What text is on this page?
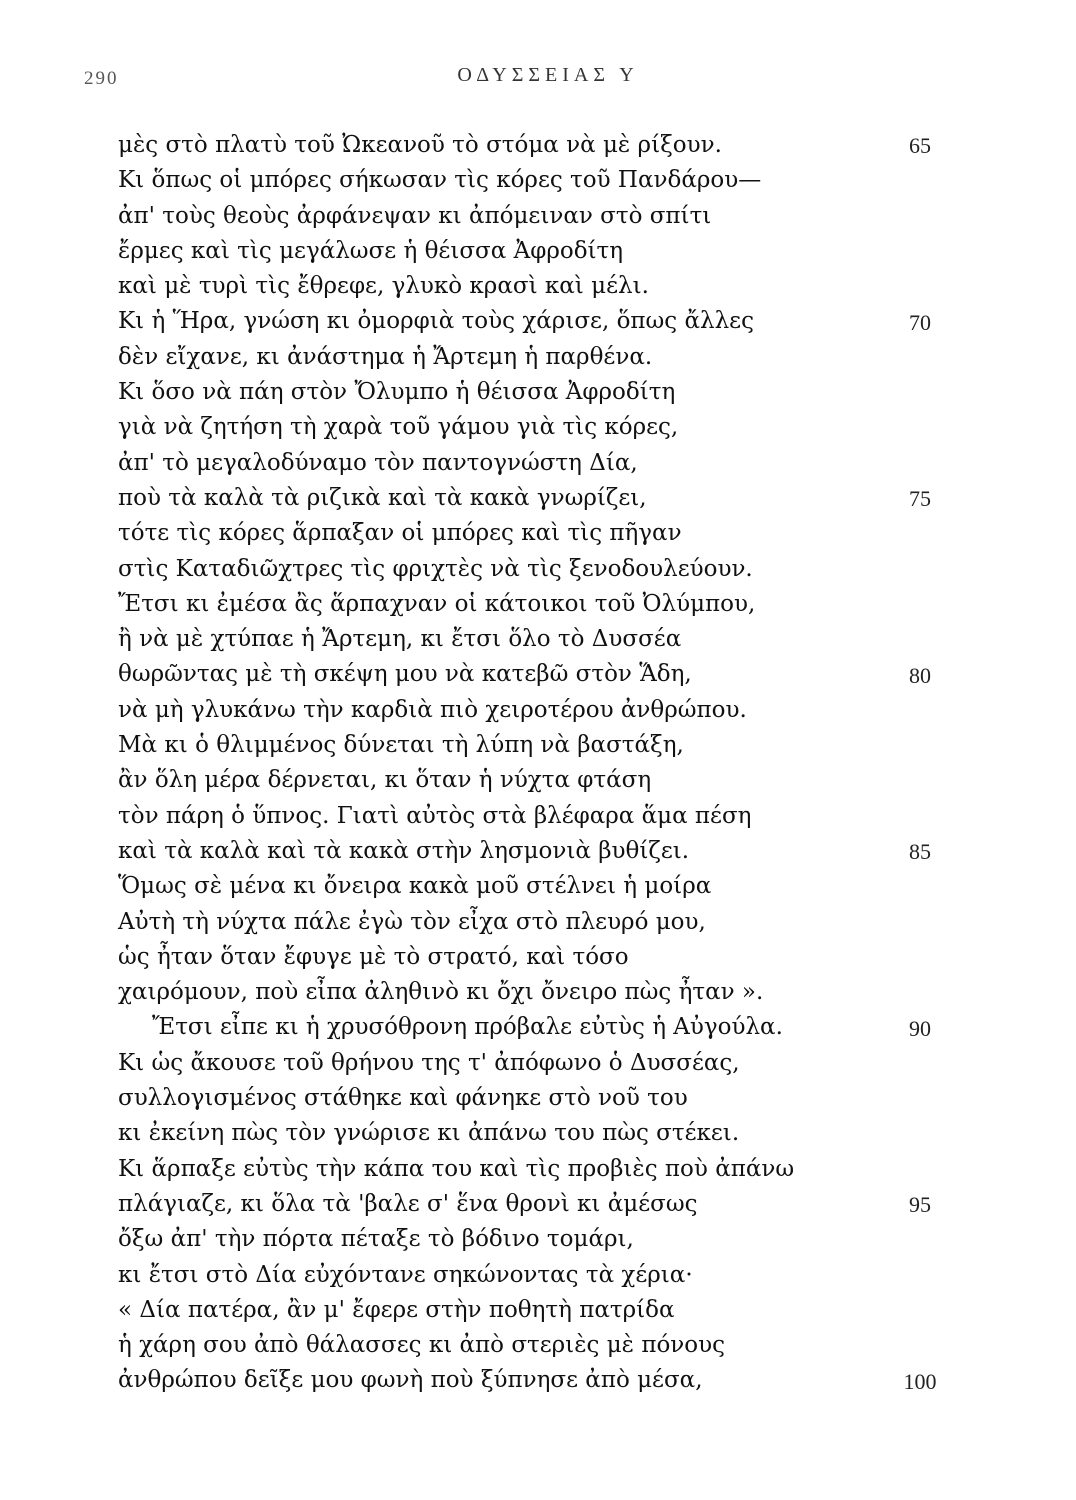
290	ΟΔΥΣΣΕΙΑΣ Υ
μὲς στὸ πλατὺ τοῦ Ὠκεανοῦ τὸ στόμα νὰ μὲ ρίξουν.
Κι ὅπως οἱ μπόρες σήκωσαν τὶς κόρες τοῦ Πανδάρου—
ἀπ' τοὺς θεοὺς ἀρφάνεψαν κι ἀπόμειναν στὸ σπίτι
ἔρμες καὶ τὶς μεγάλωσε ἡ θέισσα Ἀφροδίτη
καὶ μὲ τυρὶ τὶς ἔθρεφε, γλυκὸ κρασὶ καὶ μέλι.
Κι ἡ Ἥρα, γνώση κι ὀμορφιὰ τοὺς χάρισε, ὅπως ἄλλες
δὲν εἴχανε, κι ἀνάστημα ἡ Ἄρτεμη ἡ παρθένα.
Κι ὅσο νὰ πάη στὸν Ὄλυμπο ἡ θέισσα Ἀφροδίτη
γιὰ νὰ ζητήση τὴ χαρὰ τοῦ γάμου γιὰ τὶς κόρες,
ἀπ' τὸ μεγαλοδύναμο τὸν παντογνώστη Δία,
ποὺ τὰ καλὰ τὰ ριζικὰ καὶ τὰ κακὰ γνωρίζει,
τότε τὶς κόρες ἅρπαξαν οἱ μπόρες καὶ τὶς πῆγαν
στὶς Καταδιῶχτρες τὶς φριχτὲς νὰ τὶς ξενοδουλεύουν.
Ἔτσι κι ἐμέσα ἂς ἅρπαχναν οἱ κάτοικοι τοῦ Ὀλύμπου,
ἢ νὰ μὲ χτύπαε ἡ Ἄρτεμη, κι ἔτσι ὅλο τὸ Δυσσέα
θωρῶντας μὲ τὴ σκέψη μου νὰ κατεβῶ στὸν Ἅδη,
νὰ μὴ γλυκάνω τὴν καρδιὰ πιὸ χειροτέρου ἀνθρώπου.
Μὰ κι ὁ θλιμμένος δύνεται τὴ λύπη νὰ βαστάξη,
ἂν ὅλη μέρα δέρνεται, κι ὅταν ἡ νύχτα φτάση
τὸν πάρη ὁ ὕπνος. Γιατὶ αὐτὸς στὰ βλέφαρα ἅμα πέση
καὶ τὰ καλὰ καὶ τὰ κακὰ στὴν λησμονιὰ βυθίζει.
Ὅμως σὲ μένα κι ὄνειρα κακὰ μοῦ στέλνει ἡ μοίρα
Αὐτὴ τὴ νύχτα πάλε ἐγὼ τὸν εἶχα στὸ πλευρό μου,
ὡς ἦταν ὅταν ἔφυγε μὲ τὸ στρατό, καὶ τόσο
χαιρόμουν, ποὺ εἶπα ἀληθινὸ κι ὄχι ὄνειρο πὼς ἦταν ».
Ἔτσι εἶπε κι ἡ χρυσόθρονη πρόβαλε εὐτὺς ἡ Αὐγούλα.
Κι ὡς ἄκουσε τοῦ θρήνου της τ' ἀπόφωνο ὁ Δυσσέας,
συλλογισμένος στάθηκε καὶ φάνηκε στὸ νοῦ του
κι ἐκείνη πὼς τὸν γνώρισε κι ἀπάνω του πὼς στέκει.
Κι ἅρπαξε εὐτὺς τὴν κάπα του καὶ τὶς προβιὲς ποὺ ἀπάνω
πλάγιαζε, κι ὅλα τὰ 'βαλε σ' ἕνα θρονὶ κι ἀμέσως
ὄξω ἀπ' τὴν πόρτα πέταξε τὸ βόδινο τομάρι,
κι ἔτσι στὸ Δία εὐχόντανε σηκώνοντας τὰ χέρια·
« Δία πατέρα, ἂν μ' ἔφερε στὴν ποθητὴ πατρίδα
ἡ χάρη σου ἀπὸ θάλασσες κι ἀπὸ στεριὲς μὲ πόνους
ἀνθρώπου δεῖξε μου φωνὴ ποὺ ξύπνησε ἀπὸ μέσα,
65
70
75
80
85
90
95
100
